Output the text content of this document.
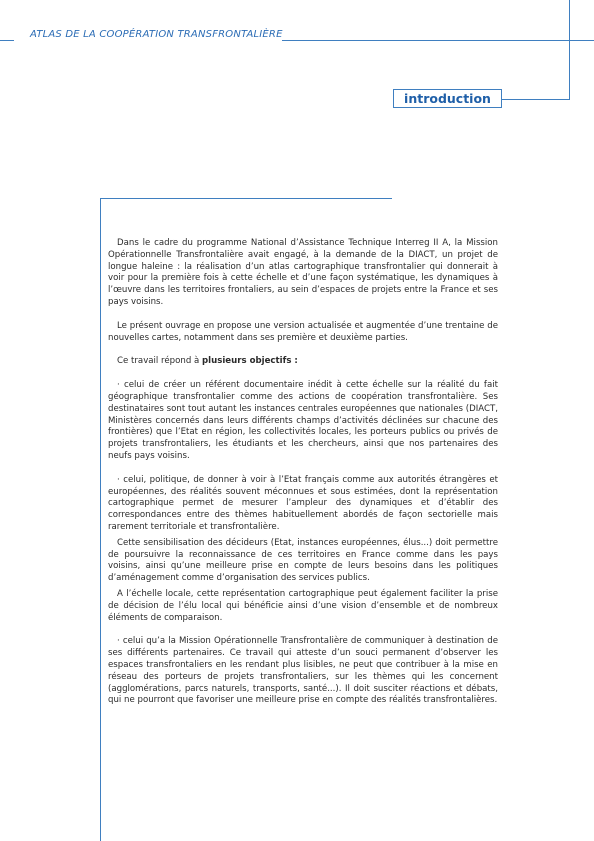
ATLAS DE LA COOPÉRATION TRANSFRONTALIÈRE
introduction

Dans le cadre du programme National d’Assistance Technique Interreg II A, la Mission Opérationnelle Transfrontalière avait engagé, à la demande de la DIACT, un projet de longue haleine : la réalisation d’un atlas cartographique transfrontalier qui donnerait à voir pour la première fois à cette échelle et d’une façon systématique, les dynamiques à l’œuvre dans les territoires frontaliers, au sein d’espaces de projets entre la France et ses pays voisins.

Le présent ouvrage en propose une version actualisée et augmentée d’une trentaine de nouvelles cartes, notamment dans ses première et deuxième parties.

Ce travail répond à plusieurs objectifs :

· celui de créer un référent documentaire inédit à cette échelle sur la réalité du fait géographique transfrontalier comme des actions de coopération transfrontalière. Ses destinataires sont tout autant les instances centrales européennes que nationales (DIACT, Ministères concernés dans leurs différents champs d’activités déclinées sur chacune des frontières) que l’Etat en région, les collectivités locales, les porteurs publics ou privés de projets transfrontaliers, les étudiants et les chercheurs, ainsi que nos partenaires des neufs pays voisins.

· celui, politique, de donner à voir à l’Etat français comme aux autorités étrangères et européennes, des réalités souvent méconnues et sous estimées, dont la représentation cartographique permet de mesurer l’ampleur des dynamiques et d’établir des correspondances entre des thèmes habituellement abordés de façon sectorielle mais rarement territoriale et transfrontalière.

Cette sensibilisation des décideurs (Etat, instances européennes, élus...) doit permettre de poursuivre la reconnaissance de ces territoires en France comme dans les pays voisins, ainsi qu’une meilleure prise en compte de leurs besoins dans les politiques d’aménagement comme d’organisation des services publics.

A l’échelle locale, cette représentation cartographique peut également faciliter la prise de décision de l’élu local qui bénéficie ainsi d’une vision d’ensemble et de nombreux éléments de comparaison.

· celui qu’a la Mission Opérationnelle Transfrontalière de communiquer à destination de ses différents partenaires. Ce travail qui atteste d’un souci permanent d’observer les espaces transfrontaliers en les rendant plus lisibles, ne peut que contribuer à la mise en réseau des porteurs de projets transfrontaliers, sur les thèmes qui les concernent (agglomérations, parcs naturels, transports, santé...). Il doit susciter réactions et débats, qui ne pourront que favoriser une meilleure prise en compte des réalités transfrontalières.
